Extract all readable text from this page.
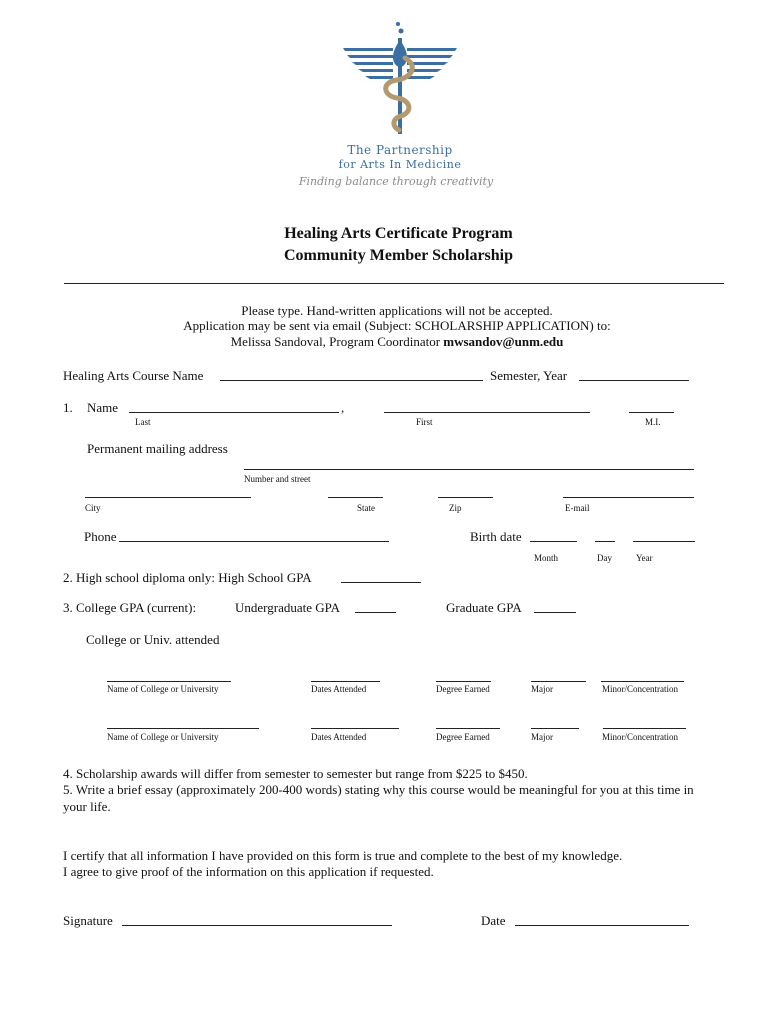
The Partnership
for Arts In Medicine
Finding balance through creativity
Healing Arts Certificate Program
Community Member Scholarship
Please type. Hand-written applications will not be accepted.
Application may be sent via email (Subject: SCHOLARSHIP APPLICATION) to:
Melissa Sandoval, Program Coordinator mwsandov@unm.edu
Healing Arts Course Name	Semester, Year
1. Name	,
Last	First	M.I.
Permanent mailing address
Number and street
City	State	Zip	E-mail
Phone	Birth date
Month	Day	Year
2. High school diploma only: High School GPA
3. College GPA (current):	Undergraduate GPA	Graduate GPA
College or Univ. attended
Name of College or University	Dates Attended	Degree Earned	Major	Minor/Concentration
Name of College or University	Dates Attended	Degree Earned	Major	Minor/Concentration
4. Scholarship awards will differ from semester to semester but range from $225 to $450.
5. Write a brief essay (approximately 200-400 words) stating why this course would be meaningful for you at this time in
your life.
I certify that all information I have provided on this form is true and complete to the best of my knowledge.
I agree to give proof of the information on this application if requested.
Signature	Date
